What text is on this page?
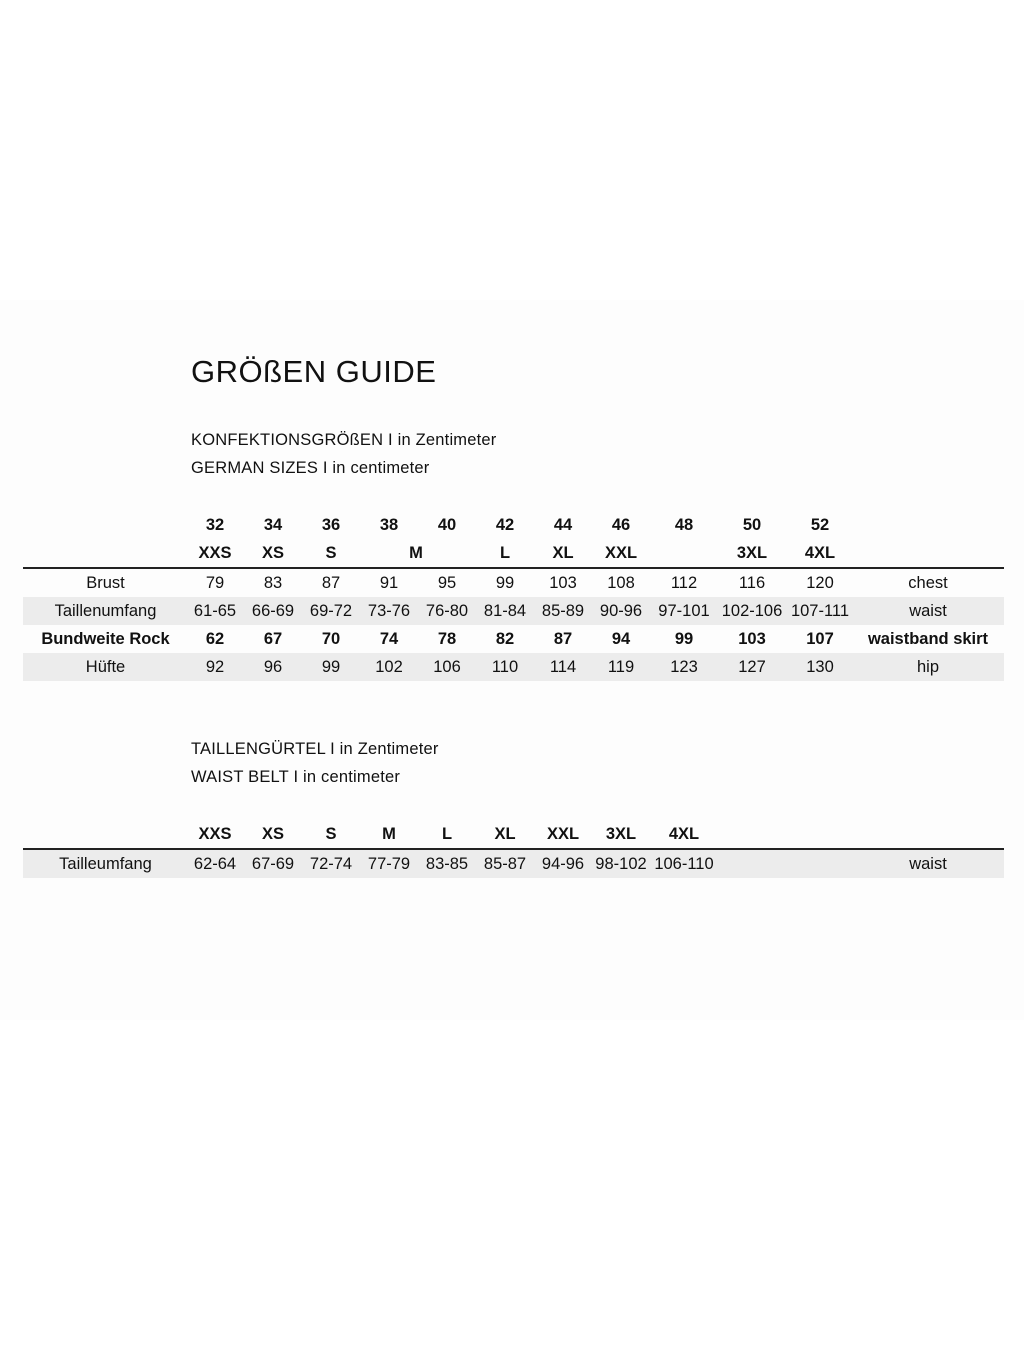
GRÖßEN GUIDE
KONFEKTIONSGRÖßEN I in Zentimeter
GERMAN SIZES I in centimeter
	32	34	36	38	40	42	44	46	48	50	52	
	XXS	XS	S	M		L	XL	XXL		3XL	4XL	
Brust	79	83	87	91	95	99	103	108	112	116	120	chest
Taillenumfang	61-65	66-69	69-72	73-76	76-80	81-84	85-89	90-96	97-101	102-106	107-111	waist
Bundweite Rock	62	67	70	74	78	82	87	94	99	103	107	waistband skirt
Hüfte	92	96	99	102	106	110	114	119	123	127	130	hip
TAILLENGÜRTEL I in Zentimeter
WAIST BELT I in centimeter
	XXS	XS	S	M	L	XL	XXL	3XL	4XL			
Tailleumfang	62-64	67-69	72-74	77-79	83-85	85-87	94-96	98-102	106-110			waist
